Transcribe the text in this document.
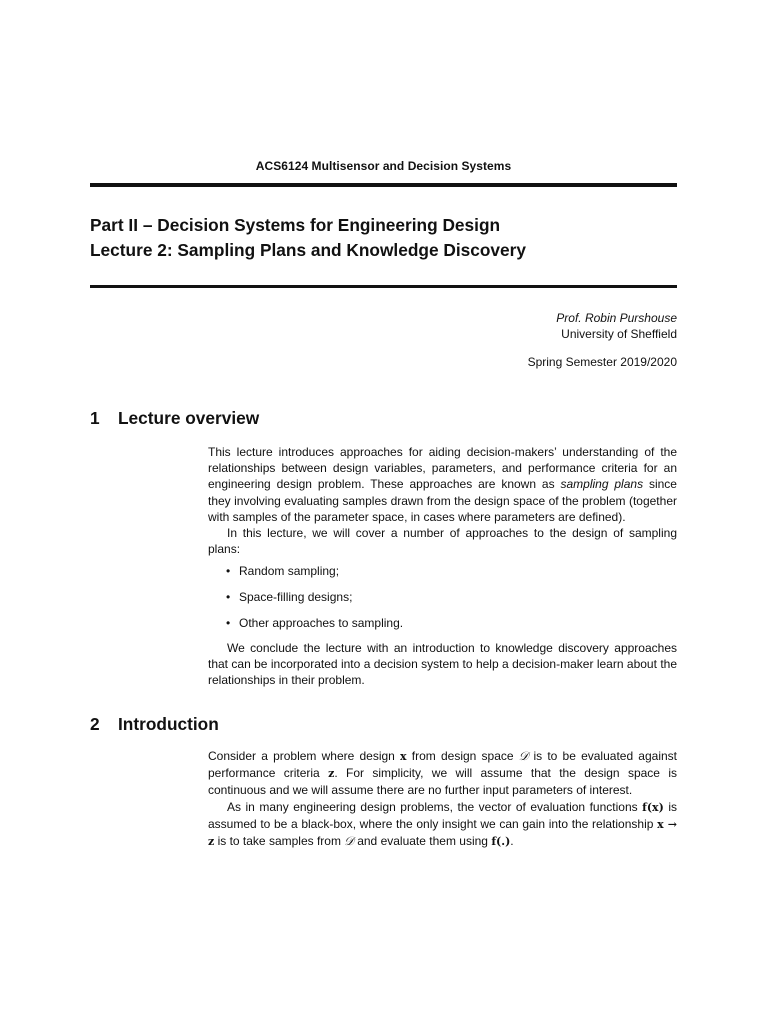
ACS6124 Multisensor and Decision Systems
Part II – Decision Systems for Engineering Design
Lecture 2: Sampling Plans and Knowledge Discovery
Prof. Robin Purshouse
University of Sheffield
Spring Semester 2019/2020
1 Lecture overview

This lecture introduces approaches for aiding decision-makers’ understanding of the relationships between design variables, parameters, and performance criteria for an engineering design problem. These approaches are known as sampling plans since they involving evaluating samples drawn from the design space of the problem (together with samples of the parameter space, in cases where parameters are defined).

In this lecture, we will cover a number of approaches to the design of sampling plans:

• Random sampling;
• Space-filling designs;
• Other approaches to sampling.

We conclude the lecture with an introduction to knowledge discovery approaches that can be incorporated into a decision system to help a decision-maker learn about the relationships in their problem.

2 Introduction

Consider a problem where design x from design space 𝒟 is to be evaluated against performance criteria z. For simplicity, we will assume that the design space is continuous and we will assume there are no further input parameters of interest.

As in many engineering design problems, the vector of evaluation functions f(x) is assumed to be a black-box, where the only insight we can gain into the relationship x → z is to take samples from 𝒟 and evaluate them using f(.).
